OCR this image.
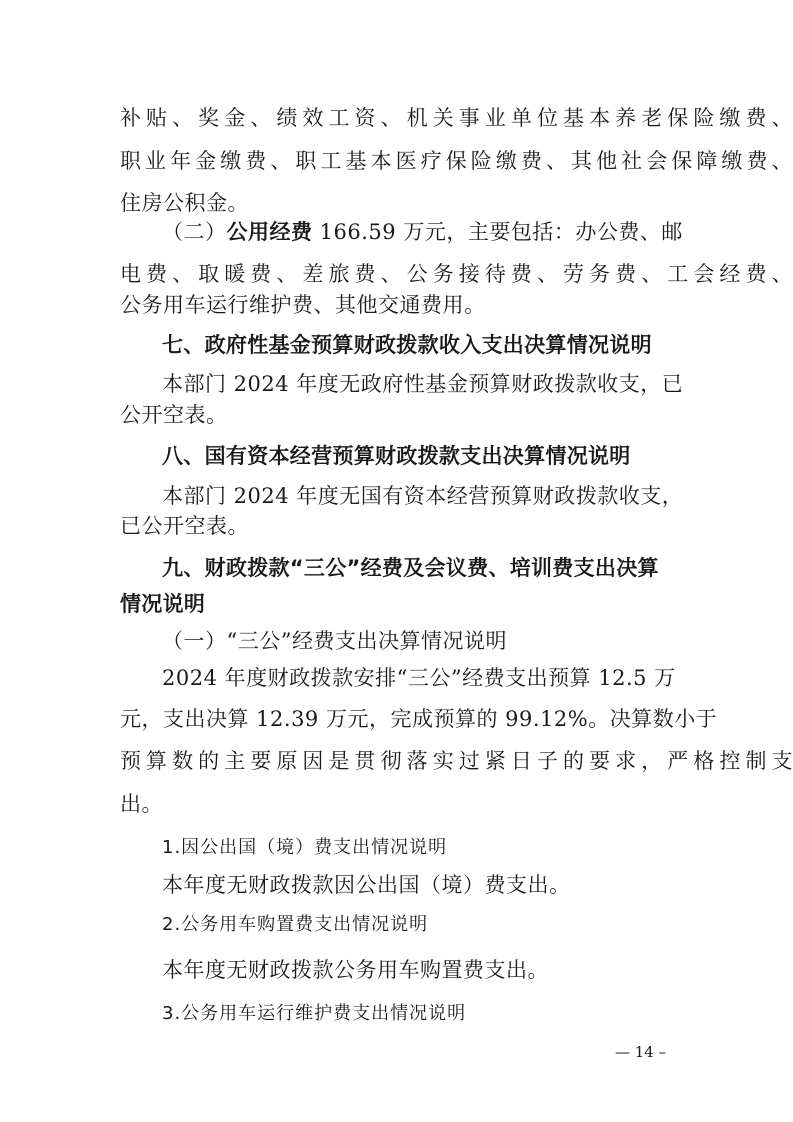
补贴、奖金、绩效工资、机关事业单位基本养老保险缴费、
职业年金缴费、职工基本医疗保险缴费、其他社会保障缴费、
住房公积金。
（二）公用经费 166.59 万元，主要包括：办公费、邮
电费、取暖费、差旅费、公务接待费、劳务费、工会经费、
公务用车运行维护费、其他交通费用。
七、政府性基金预算财政拨款收入支出决算情况说明
本部门 2024 年度无政府性基金预算财政拨款收支，已
公开空表。
八、国有资本经营预算财政拨款支出决算情况说明
本部门 2024 年度无国有资本经营预算财政拨款收支，
已公开空表。
九、财政拨款“三公”经费及会议费、培训费支出决算
情况说明
（一）“三公”经费支出决算情况说明
2024 年度财政拨款安排“三公”经费支出预算 12.5 万
元，支出决算 12.39 万元，完成预算的 99.12%。决算数小于
预算数的主要原因是贯彻落实过紧日子的要求，严格控制支
出。
1.因公出国（境）费支出情况说明
本年度无财政拨款因公出国（境）费支出。
2.公务用车购置费支出情况说明
本年度无财政拨款公务用车购置费支出。
3.公务用车运行维护费支出情况说明
— 14 –
